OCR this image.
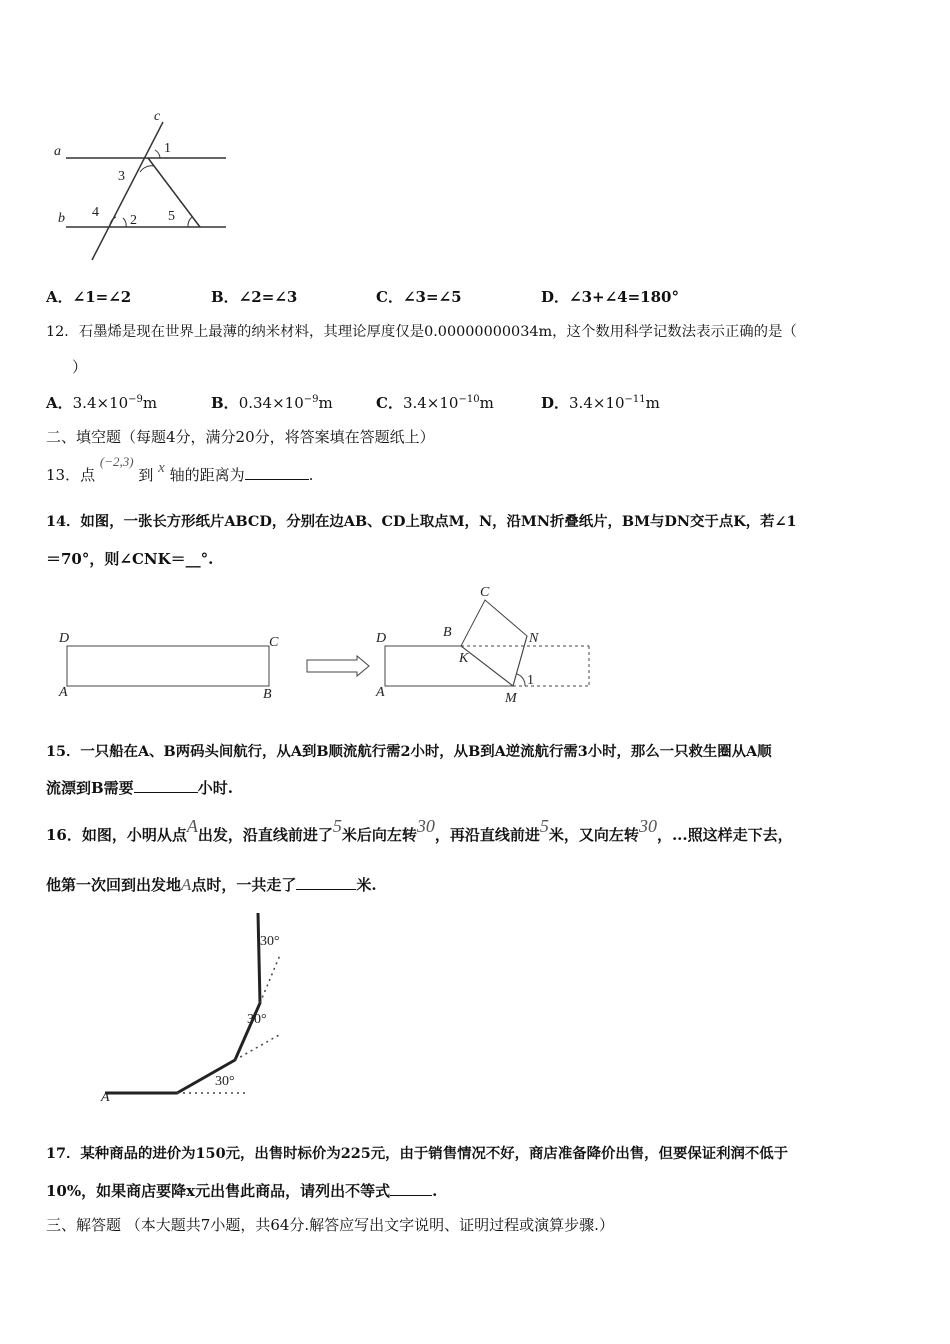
a
b
c
1
2
3
4	5
A．∠1=∠2	B．∠2=∠3	C．∠3=∠5	D．∠3+∠4=180°
12．石墨烯是现在世界上最薄的纳米材料，其理论厚度仅是0.00000000034m，这个数用科学记数法表示正确的是（
）
A．$3.4\times 10^{-9}m$	B．$0.34\times 10^{-9}m$	C．$3.4\times 10^{-10}m$	D．$3.4\times 10^{-11}m$
二、填空题（每题4分，满分20分，将答案填在答题纸上）
13．点 (−2,3) 到 x 轴的距离为	.
14．如图，一张长方形纸片ABCD，分别在边AB、CD上取点M，N，沿MN折叠纸片，BM与DN交于点K，若∠1
＝70°，则∠CNK＝__°.
D	C
A	B
D	B
C
N
K
A	M
1
15．一只船在A、B两码头间航行，从A到B顺流航行需2小时，从B到A逆流航行需3小时，那么一只救生圈从A顺
流漂到B需要	小时.
16．如图，小明从点A出发，沿直线前进了5米后向左转30，再沿直线前进5米，又向左转30，...照这样走下去，
他第一次回到出发地A点时，一共走了	米.
30°
30°
30°
A
17．某种商品的进价为150元，出售时标价为225元，由于销售情况不好，商店准备降价出售，但要保证利润不低于
10%，如果商店要降x元出售此商品，请列出不等式	.
三、解答题 （本大题共7小题，共64分.解答应写出文字说明、证明过程或演算步骤.）
